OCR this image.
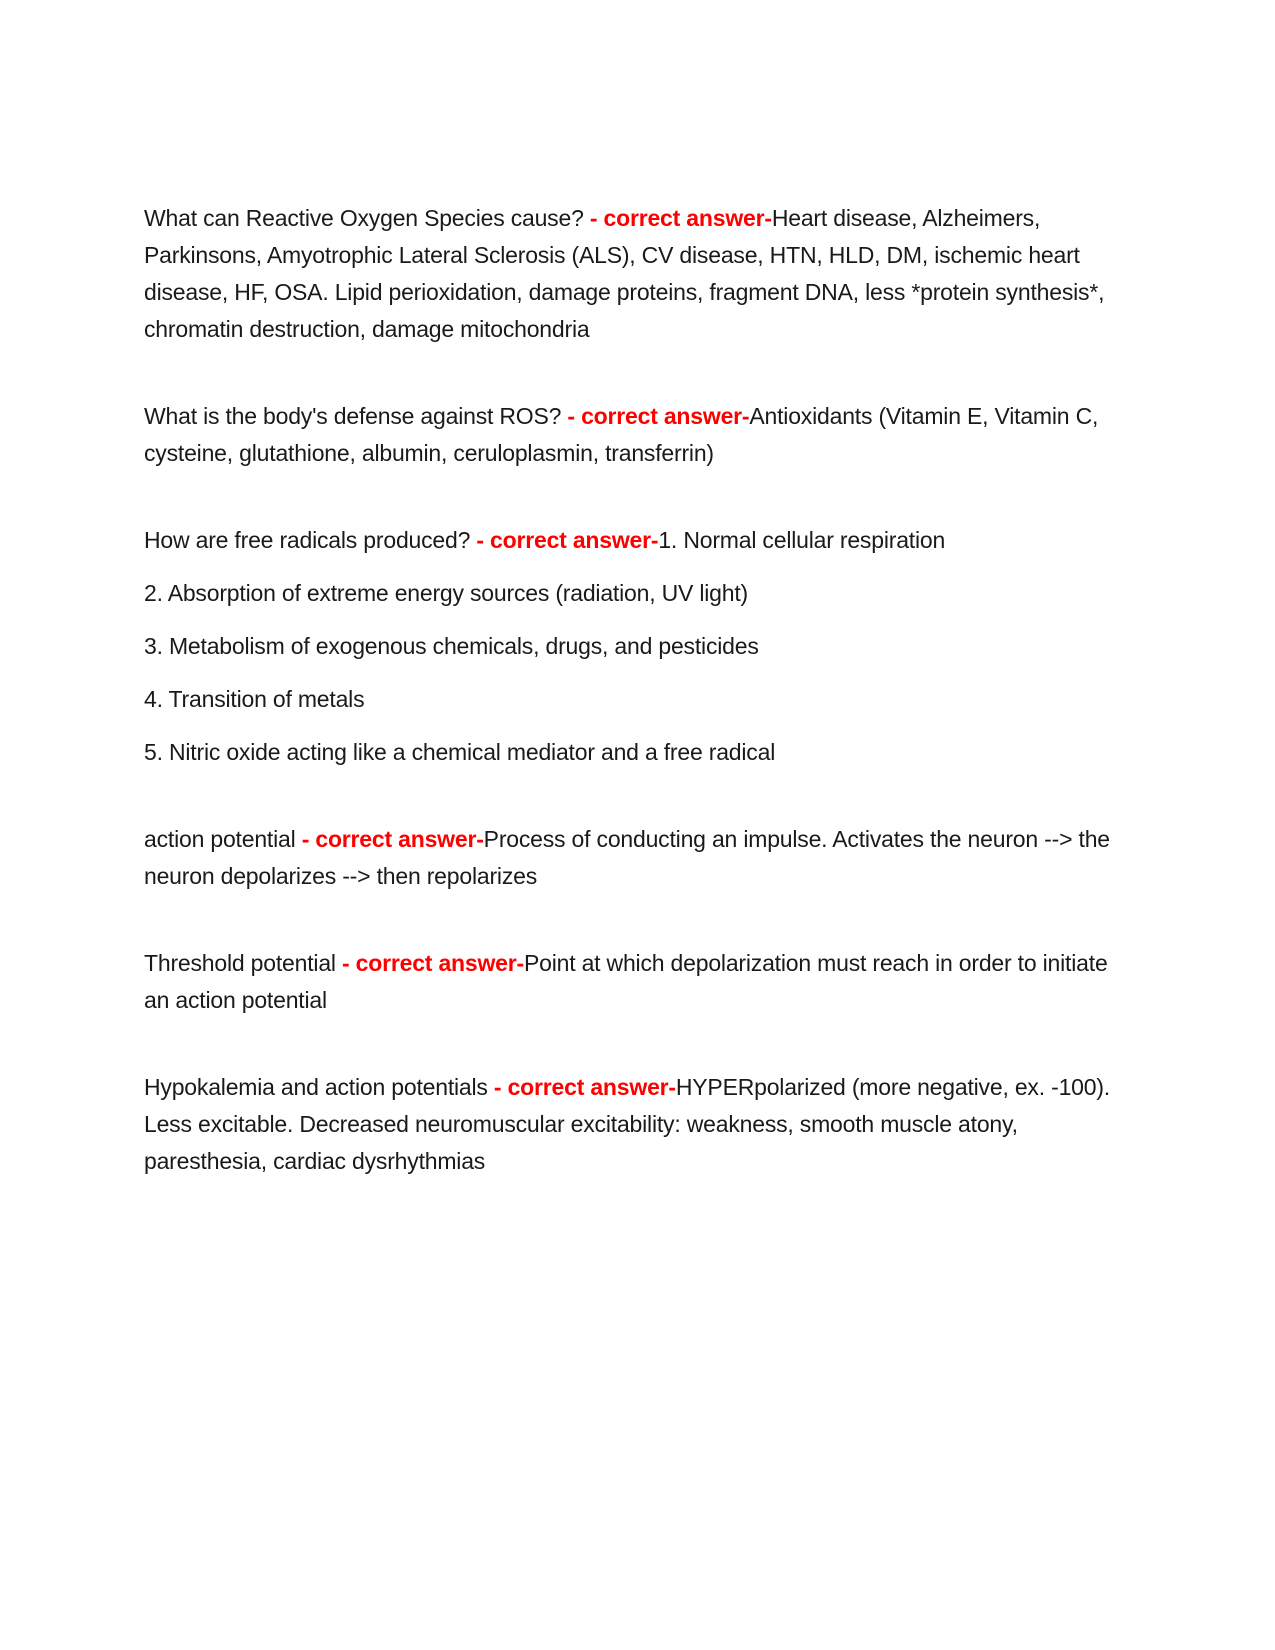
What can Reactive Oxygen Species cause? - correct answer-Heart disease, Alzheimers, Parkinsons, Amyotrophic Lateral Sclerosis (ALS), CV disease, HTN, HLD, DM, ischemic heart disease, HF, OSA. Lipid perioxidation, damage proteins, fragment DNA, less *protein synthesis*, chromatin destruction, damage mitochondria

What is the body's defense against ROS? - correct answer-Antioxidants (Vitamin E, Vitamin C, cysteine, glutathione, albumin, ceruloplasmin, transferrin)

How are free radicals produced? - correct answer-1. Normal cellular respiration

2. Absorption of extreme energy sources (radiation, UV light)

3. Metabolism of exogenous chemicals, drugs, and pesticides

4. Transition of metals

5. Nitric oxide acting like a chemical mediator and a free radical

action potential - correct answer-Process of conducting an impulse. Activates the neuron --> the neuron depolarizes --> then repolarizes

Threshold potential - correct answer-Point at which depolarization must reach in order to initiate an action potential

Hypokalemia and action potentials - correct answer-HYPERpolarized (more negative, ex. -100). Less excitable. Decreased neuromuscular excitability: weakness, smooth muscle atony, paresthesia, cardiac dysrhythmias
